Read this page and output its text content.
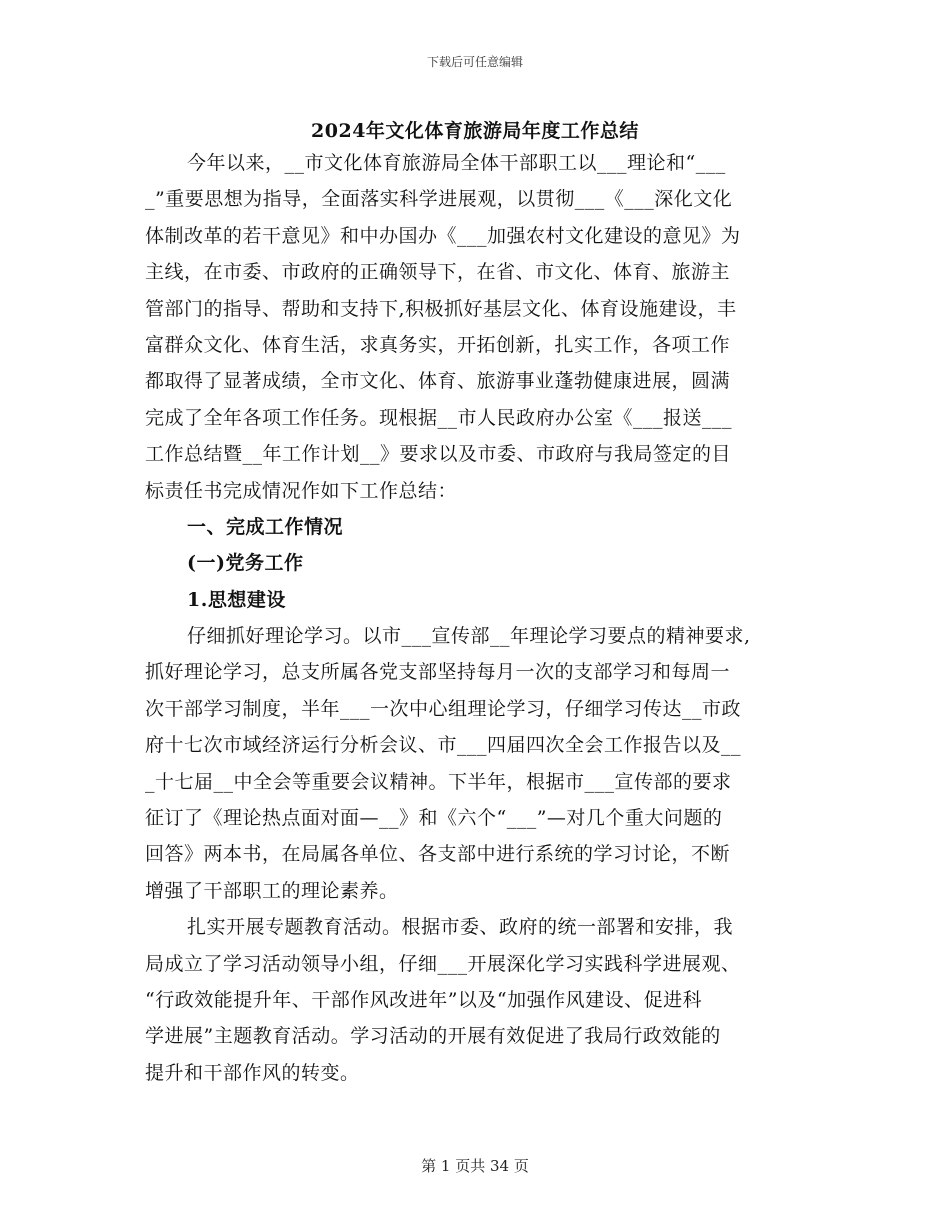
下载后可任意编辑
2024年文化体育旅游局年度工作总结
今年以来，__市文化体育旅游局全体干部职工以___理论和“___
_”重要思想为指导，全面落实科学进展观，以贯彻___《___深化文化
体制改革的若干意见》和中办国办《___加强农村文化建设的意见》为
主线，在市委、市政府的正确领导下，在省、市文化、体育、旅游主
管部门的指导、帮助和支持下,积极抓好基层文化、体育设施建设，丰
富群众文化、体育生活，求真务实，开拓创新，扎实工作，各项工作
都取得了显著成绩，全市文化、体育、旅游事业蓬勃健康进展，圆满
完成了全年各项工作任务。现根据__市人民政府办公室《___报送___
工作总结暨__年工作计划__》要求以及市委、市政府与我局签定的目
标责任书完成情况作如下工作总结：
一、完成工作情况
(一)党务工作
1.思想建设
仔细抓好理论学习。以市___宣传部__年理论学习要点的精神要求,
抓好理论学习，总支所属各党支部坚持每月一次的支部学习和每周一
次干部学习制度，半年___一次中心组理论学习，仔细学习传达__市政
府十七次市域经济运行分析会议、市___四届四次全会工作报告以及__
_十七届__中全会等重要会议精神。下半年，根据市___宣传部的要求
征订了《理论热点面对面—__》和《六个“___”—对几个重大问题的
回答》两本书，在局属各单位、各支部中进行系统的学习讨论，不断
增强了干部职工的理论素养。
扎实开展专题教育活动。根据市委、政府的统一部署和安排，我
局成立了学习活动领导小组，仔细___开展深化学习实践科学进展观、
“行政效能提升年、干部作风改进年”以及“加强作风建设、促进科
学进展”主题教育活动。学习活动的开展有效促进了我局行政效能的
提升和干部作风的转变。
第 1 页共 34 页
